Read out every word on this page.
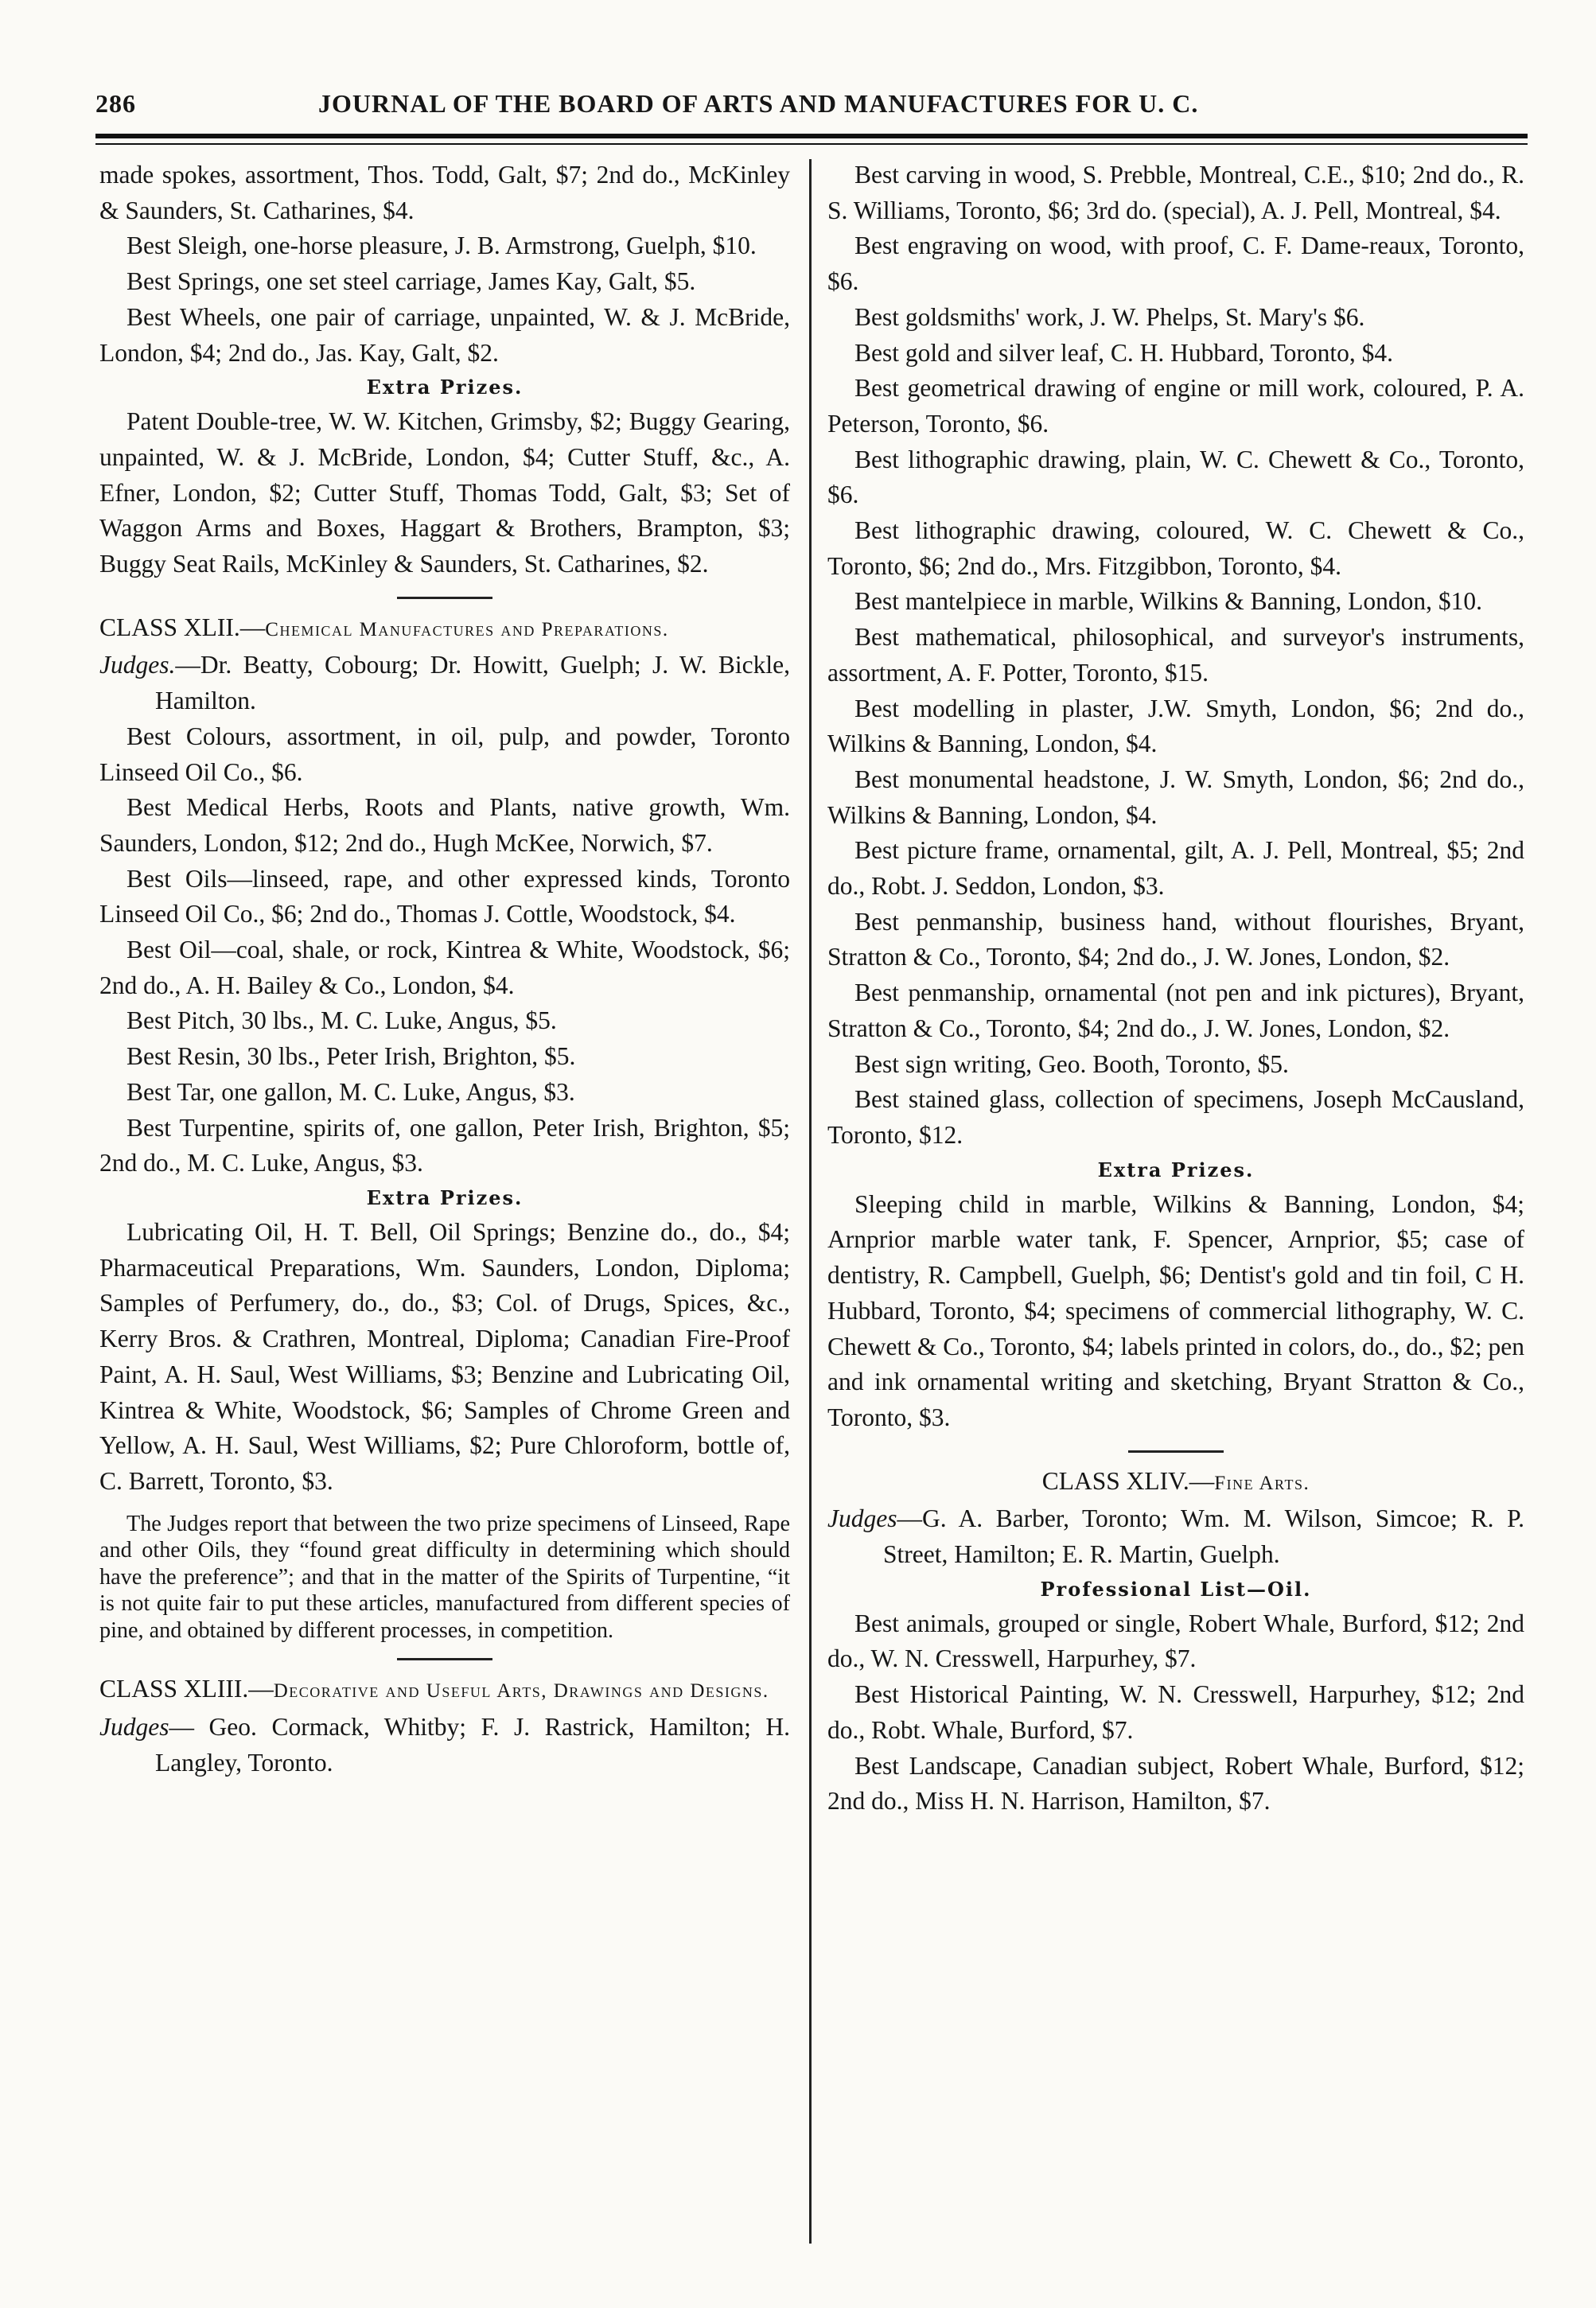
286	JOURNAL OF THE BOARD OF ARTS AND MANUFACTURES FOR U. C.

made spokes, assortment, Thos. Todd, Galt, $7; 2nd do., McKinley & Saunders, St. Catharines, $4.

Best Sleigh, one-horse pleasure, J. B. Armstrong, Guelph, $10.

Best Springs, one set steel carriage, James Kay, Galt, $5.

Best Wheels, one pair of carriage, unpainted, W. & J. McBride, London, $4; 2nd do., Jas. Kay, Galt, $2.

Extra Prizes.

Patent Double-tree, W. W. Kitchen, Grimsby, $2; Buggy Gearing, unpainted, W. & J. McBride, London, $4; Cutter Stuff, &c., A. Efner, London, $2; Cutter Stuff, Thomas Todd, Galt, $3; Set of Waggon Arms and Boxes, Haggart & Brothers, Brampton, $3; Buggy Seat Rails, McKinley & Saunders, St. Catharines, $2.

CLASS XLII.—Chemical Manufactures and Preparations.

Judges.—Dr. Beatty, Cobourg; Dr. Howitt, Guelph; J. W. Bickle, Hamilton.

Best Colours, assortment, in oil, pulp, and powder, Toronto Linseed Oil Co., $6.

Best Medical Herbs, Roots and Plants, native growth, Wm. Saunders, London, $12; 2nd do., Hugh McKee, Norwich, $7.

Best Oils—linseed, rape, and other expressed kinds, Toronto Linseed Oil Co., $6; 2nd do., Thomas J. Cottle, Woodstock, $4.

Best Oil—coal, shale, or rock, Kintrea & White, Woodstock, $6; 2nd do., A. H. Bailey & Co., London, $4.

Best Pitch, 30 lbs., M. C. Luke, Angus, $5.

Best Resin, 30 lbs., Peter Irish, Brighton, $5.

Best Tar, one gallon, M. C. Luke, Angus, $3.

Best Turpentine, spirits of, one gallon, Peter Irish, Brighton, $5; 2nd do., M. C. Luke, Angus, $3.

Extra Prizes.

Lubricating Oil, H. T. Bell, Oil Springs; Benzine do., do., $4; Pharmaceutical Preparations, Wm. Saunders, London, Diploma; Samples of Perfumery, do., do., $3; Col. of Drugs, Spices, &c., Kerry Bros. & Crathren, Montreal, Diploma; Canadian Fire-Proof Paint, A. H. Saul, West Williams, $3; Benzine and Lubricating Oil, Kintrea & White, Woodstock, $6; Samples of Chrome Green and Yellow, A. H. Saul, West Williams, $2; Pure Chloroform, bottle of, C. Barrett, Toronto, $3.

The Judges report that between the two prize specimens of Linseed, Rape and other Oils, they “found great difficulty in determining which should have the preference”; and that in the matter of the Spirits of Turpentine, “it is not quite fair to put these articles, manufactured from different species of pine, and obtained by different processes, in competition.

CLASS XLIII.—Decorative and Useful Arts, Drawings and Designs.

Judges— Geo. Cormack, Whitby; F. J. Rastrick, Hamilton; H. Langley, Toronto.

Best carving in wood, S. Prebble, Montreal, C.E., $10; 2nd do., R. S. Williams, Toronto, $6; 3rd do. (special), A. J. Pell, Montreal, $4.

Best engraving on wood, with proof, C. F. Dame-reaux, Toronto, $6.

Best goldsmiths' work, J. W. Phelps, St. Mary's $6.

Best gold and silver leaf, C. H. Hubbard, Toronto, $4.

Best geometrical drawing of engine or mill work, coloured, P. A. Peterson, Toronto, $6.

Best lithographic drawing, plain, W. C. Chewett & Co., Toronto, $6.

Best lithographic drawing, coloured, W. C. Chewett & Co., Toronto, $6; 2nd do., Mrs. Fitzgibbon, Toronto, $4.

Best mantelpiece in marble, Wilkins & Banning, London, $10.

Best mathematical, philosophical, and surveyor's instruments, assortment, A. F. Potter, Toronto, $15.

Best modelling in plaster, J.W. Smyth, London, $6; 2nd do., Wilkins & Banning, London, $4.

Best monumental headstone, J. W. Smyth, London, $6; 2nd do., Wilkins & Banning, London, $4.

Best picture frame, ornamental, gilt, A. J. Pell, Montreal, $5; 2nd do., Robt. J. Seddon, London, $3.

Best penmanship, business hand, without flourishes, Bryant, Stratton & Co., Toronto, $4; 2nd do., J. W. Jones, London, $2.

Best penmanship, ornamental (not pen and ink pictures), Bryant, Stratton & Co., Toronto, $4; 2nd do., J. W. Jones, London, $2.

Best sign writing, Geo. Booth, Toronto, $5.

Best stained glass, collection of specimens, Joseph McCausland, Toronto, $12.

Extra Prizes.

Sleeping child in marble, Wilkins & Banning, London, $4; Arnprior marble water tank, F. Spencer, Arnprior, $5; case of dentistry, R. Campbell, Guelph, $6; Dentist's gold and tin foil, C H. Hubbard, Toronto, $4; specimens of commercial lithography, W. C. Chewett & Co., Toronto, $4; labels printed in colors, do., do., $2; pen and ink ornamental writing and sketching, Bryant Stratton & Co., Toronto, $3.

CLASS XLIV.—Fine Arts.

Judges—G. A. Barber, Toronto; Wm. M. Wilson, Simcoe; R. P. Street, Hamilton; E. R. Martin, Guelph.

Professional List—Oil.

Best animals, grouped or single, Robert Whale, Burford, $12; 2nd do., W. N. Cresswell, Harpurhey, $7.

Best Historical Painting, W. N. Cresswell, Harpurhey, $12; 2nd do., Robt. Whale, Burford, $7.

Best Landscape, Canadian subject, Robert Whale, Burford, $12; 2nd do., Miss H. N. Harrison, Hamilton, $7.
